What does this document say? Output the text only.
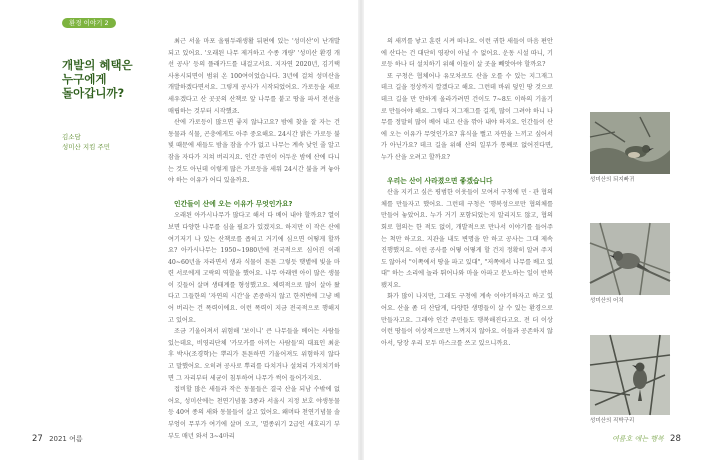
환경 이야기 2
개발의 혜택은
누구에게
돌아갑니까?
김소담
성미산 지킴 주민

최근 서울 마포 올림두래생활 뒤편에 있는 '성미산'이 난개발되고 있어요. '오래된 나무 제거하고 수종 개량' '성미산 환경 개선 공사' 등의 플래카드를 내걸고서요. 지자연 2020년, 김기택 사용시되면이 범위 온 100여이었습니다. 3년에 걸쳐 성미산을 개발하겠다면서요. 그렇게 공사가 시작되었어요. 가로등을 새로 세우겠다고 산 곳곳의 산책로 앞 나무를 붙고 땅을 파서 전선을 매립하는 것부터 시작했죠.

산에 가로등이 많으면 좋지 않냐고요? 밤에 찾을 잘 자는 건 동물과 식물, 곤충에게도 아주 중요해요. 24시간 밝은 가로등 불빛 때문에 새들도 밤을 잠을 수가 없고 나무는 계속 낮인 줄 알고 잠을 자다가 지쳐 버리지요. 인간 주민이 어두운 밤에 산에 다니는 것도 아닌데 이렇게 많은 가로등을 세워 24시간 불을 켜 놓아야 하는 이유가 어디 있을까요.

인간들이 산에 오는 이유가 무엇인가요?

오래된 아카시나무가 많다고 해서 다 베어 내야 할까요? 열이 보면 다양한 나무를 심을 필요가 있겠지요. 하지만 이 작은 산에 여기저기 나 있는 산책로를 좁히고 거기에 심으면 어떻게 할까요? 아카시나무는 1950~1980년에 전국적으로 심어진 이래 40~60년을 자라면서 생과 식물이 튼튼 그렇듯 햇볕에 빛을 마련 서로에게 고락의 역할을 했어요. 나무 아래엔 아이 많은 생물이 깃들어 살며 생태계를 형성했고요. 체력적으로 많이 살아 왔다고 그들한의 '자연의 시간'을 존중하지 않고 한꺼번에 그냥 베어 버리는 건 폭력이에요. 이런 폭력이 지금 전국적으로 행해지고 있어요.

조금 기울어져서 위험해 '보이니' 큰 나무들을 베어는 사람들 있는데요, 비영리단체 '카모카를 아끼는 사람들'의 대표인 최윤후 박사(조경학)는 뿌리가 튼튼하면 기울어져도 위험하지 않다고 말했어요. 오히려 공사로 뿌리를 다치거나 설쳐리 가지치기하면 그 자리부터 세균이 침투하여 나무가 썩어 들어가지요.

접비할 많은 새들과 작은 동물들은 결국 산을 되남 수밖에 없어요, 성미산에는 천연기념물 3종과 서울시 지정 보호 야생동물 등 40여 종의 새와 동물들이 살고 있어요. 왜머타 천연기념물 솔부엉이 무부가 여기에 살며 오고, '멸종위기 2급인 새호리기 부부도 매년 와서 3~4마리

의 새끼를 낳고 훈련 시켜 떠나요. 이런 귀한 새들이 마음 편안에 산다는 건 대단히 영광이 아닐 수 없어요. 운동 시설 따니, 기로등 하나 더 설치하기 위해 이들이 살 곳을 빼앗아야 할까요?

또 구청은 협체어나 유모차로도 산을 오를 수 있는 지그재그 데크 길을 정상까지 깔겠다고 해요. 그런데 바위 덮인 땅 것으로 데크 길을 만 안하게 올라가려면 건이도 7~8도 이하의 기울기로 만들어야 해요. 그렇다 지그재그를 길게, 많이 그려야 하니 나무를 정말히 많이 베어 내고 산을 깎아 내야 하지요. 인간들이 산에 오는 이유가 무엇인가요? 휴식을 뻘고 자연을 느끼고 싶어서가 아닌가요? 데크 길을 위해 산의 일부가 통째로 없어진다면, 누가 산을 오려고 할까요?

우리는 산이 사라졌으면 좋겠습니다

산을 지키고 싶은 평범한 이웃들이 모여서 구청에 민 · 관 협의체를 만들자고 했어요. 그런데 구청은 '행복성으로만 협의체를 만들어 놓았어요. 누가 거기 포함되었는지 알리지도 않고, 협의회로 협의는 한 적도 없이, 개발적으로 만나서 이야기를 들어주는 척만 하고요. 지관을 내도 변명을 안 하고 공사는 그대 제속 진행했지요. 이런 공사를 어떻 어떻게 할 건지 정확히 알려 주지도 않아서 "이쪽에서 땅을 파고 있대", "저쪽에서 나무를 베고 있대" 하는 소리에 놀라 뛰어나와 마을 아파고 분노하는 일이 반복됐지요.

화가 많이 나지만, 그래도 구청에 계속 이야기하자고 하고 있어요. 산을 좀 더 산답게, 다양한 생명들이 살 수 있는 환경으로 만들자고요. 그래야 인간 주민들도 행복해진다고요. 전 더 이상 이런 땅들이 이상적으로만 느껴지지 않아요. 이들과 공존하지 않아서, 당장 우리 모두 마스크를 쓰고 있으니까요.

성미산의 되지빠귀
성미산의 어치
성미산의 직박구리
27 2021 여름	여름호 애는 행복 28
